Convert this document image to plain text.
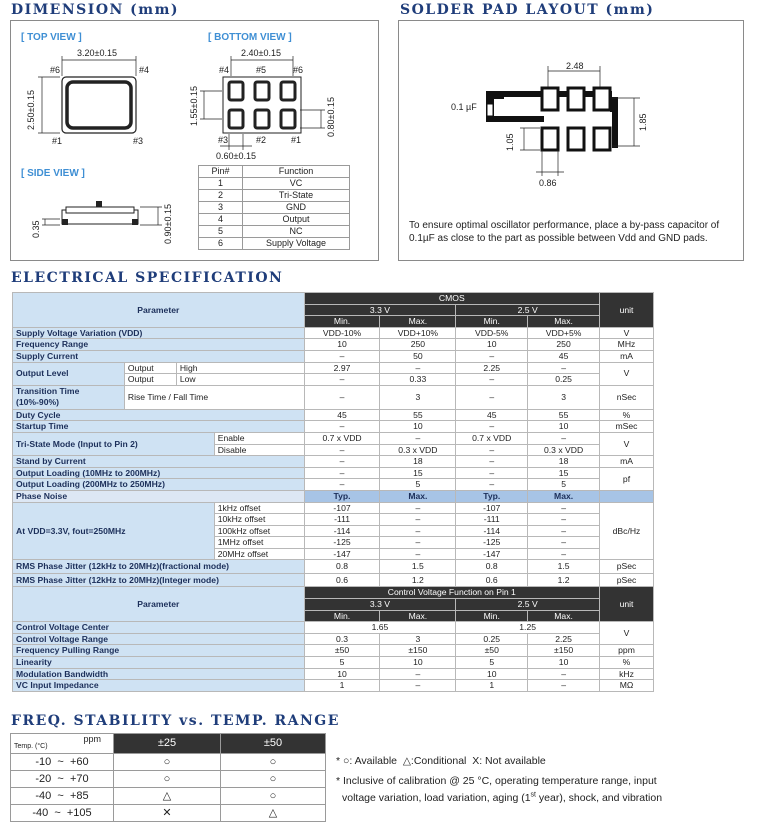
DIMENSION (mm)	SOLDER PAD LAYOUT (mm)
[ TOP VIEW ]	[ BOTTOM VIEW ]
[ SIDE VIEW ]
3.20±0.15
2.50±0.15
#6	#4
#1	#3
2.40±0.15
1.55±0.15	0.80±0.15
0.60±0.15
#4	#5	#6
#3	#2	#1
0.35	0.90±0.15
Pin#	Function
1	VC
2	Tri-State
3	GND
4	Output
5	NC
6	Supply Voltage
0.1 µF
2.48
1.85
1.05
0.86
To ensure optimal oscillator performance, place a by-pass capacitor of 0.1µF as close to the part as possible between Vdd and GND pads.
ELECTRICAL SPECIFICATION
Parameter				CMOS				unit
				3.3 V		2.5 V		
				Min.	Max.	Min.	Max.	
Supply Voltage Variation (VDD)				VDD-10%	VDD+10%	VDD-5%	VDD+5%	V
Frequency Range				10	250	10	250	MHz
Supply Current				–	50	–	45	mA
Output Level	Output	High		2.97	–	2.25	–	V
	Output	Low		–	0.33	–	0.25	
Transition Time
(10%-90%)	Rise Time / Fall Time			–	3	–	3	nSec
Duty Cycle				45	55	45	55	%
Startup Time				–	10	–	10	mSec
Tri-State Mode (Input to Pin 2)			Enable	0.7 x VDD	–	0.7 x VDD	–	V
			Disable	–	0.3 x VDD	–	0.3 x VDD	
Stand by Current				–	18	–	18	mA
Output Loading (10MHz to 200MHz)				–	15	–	15	pf
Output Loading (200MHz to 250MHz)				–	5	–	5	
Phase Noise				Typ.	Max.	Typ.	Max.	
At VDD=3.3V, fout=250MHz			1kHz offset	-107	–	-107	–	dBc/Hz
			10kHz offset	-111	–	-111	–	
			100kHz offset	-114	–	-114	–	
			1MHz offset	-125	–	-125	–	
			20MHz offset	-147	–	-147	–	
RMS Phase Jitter (12kHz to 20MHz)(fractional mode)				0.8	1.5	0.8	1.5	pSec
RMS Phase Jitter (12kHz to 20MHz)(Integer mode)				0.6	1.2	0.6	1.2	pSec
Parameter				Control Voltage Function on Pin 1				unit
				3.3 V		2.5 V		
				Min.	Max.	Min.	Max.	
Control Voltage Center				1.65		1.25		V
Control Voltage Range				0.3	3	0.25	2.25	
Frequency Pulling Range				±50	±150	±50	±150	ppm
Linearity				5	10	5	10	%
Modulation Bandwidth				10	–	10	–	kHz
VC Input Impedance				1	–	1	–	MΩ
FREQ. STABILITY vs. TEMP. RANGE
ppm
Temp. (°C)	±25	±50
-10  ~  +60	○	○
-20  ~  +70	○	○
-40  ~  +85	△	○
-40  ~  +105	✕	△
* ○: Available  △:Conditional  X: Not available
* Inclusive of calibration @ 25 °C, operating temperature range, input
voltage variation, load variation, aging (1st year), shock, and vibration
